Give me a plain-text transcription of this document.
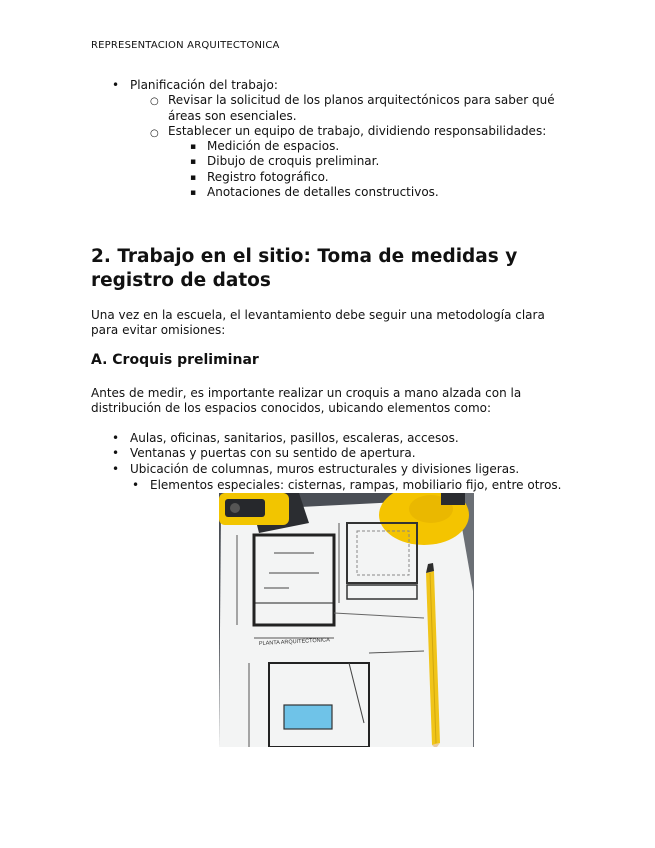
REPRESENTACION ARQUITECTONICA
• Planificación del trabajo:
○ Revisar la solicitud de los planos arquitectónicos para saber qué
áreas son esenciales.
○ Establecer un equipo de trabajo, dividiendo responsabilidades:
▪ Medición de espacios.
▪ Dibujo de croquis preliminar.
▪ Registro fotográfico.
▪ Anotaciones de detalles constructivos.
2. Trabajo en el sitio: Toma de medidas y registro de datos
Una vez en la escuela, el levantamiento debe seguir una metodología clara para evitar omisiones:
A. Croquis preliminar
Antes de medir, es importante realizar un croquis a mano alzada con la distribución de los espacios conocidos, ubicando elementos como:
• Aulas, oficinas, sanitarios, pasillos, escaleras, accesos.
• Ventanas y puertas con su sentido de apertura.
• Ubicación de columnas, muros estructurales y divisiones ligeras.
• Elementos especiales: cisternas, rampas, mobiliario fijo, entre otros.
PLANTA ARQUITECTONICA
